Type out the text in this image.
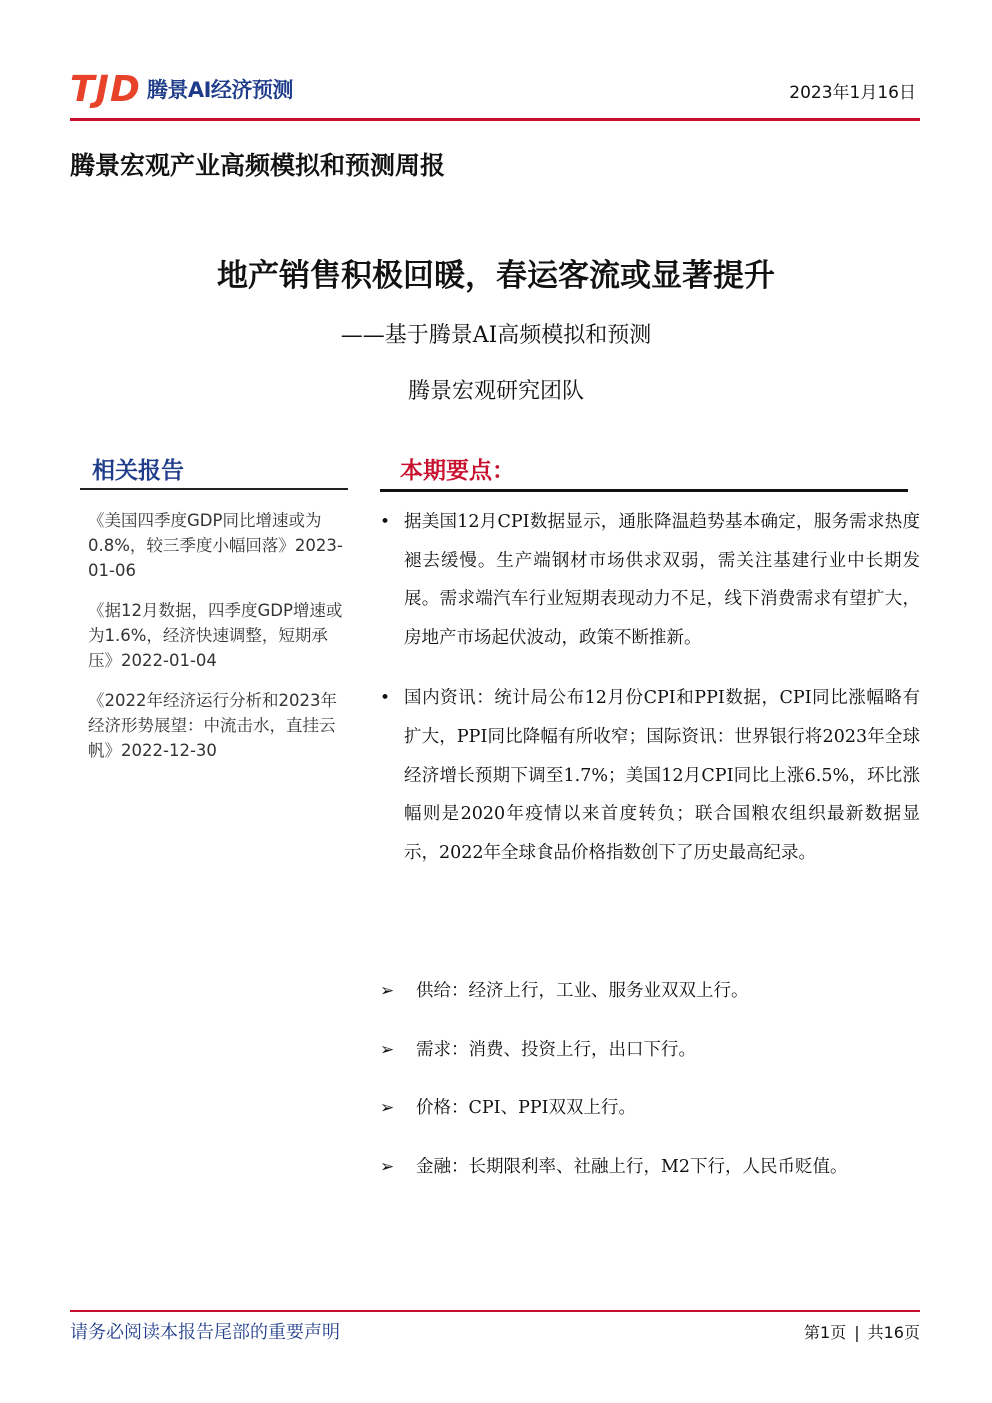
TJD 腾景AI经济预测	2023年1月16日
腾景宏观产业高频模拟和预测周报
地产销售积极回暖，春运客流或显著提升
——基于腾景AI高频模拟和预测
腾景宏观研究团队
相关报告
《美国四季度GDP同比增速或为0.8%，较三季度小幅回落》2023-01-06
《据12月数据，四季度GDP增速或为1.6%，经济快速调整，短期承压》2022-01-04
《2022年经济运行分析和2023年经济形势展望：中流击水，直挂云帆》2022-12-30
本期要点：
• 据美国12月CPI数据显示，通胀降温趋势基本确定，服务需求热度褪去缓慢。生产端钢材市场供求双弱，需关注基建行业中长期发展。需求端汽车行业短期表现动力不足，线下消费需求有望扩大，房地产市场起伏波动，政策不断推新。
• 国内资讯：统计局公布12月份CPI和PPI数据，CPI同比涨幅略有扩大，PPI同比降幅有所收窄；国际资讯：世界银行将2023年全球经济增长预期下调至1.7%；美国12月CPI同比上涨6.5%，环比涨幅则是2020年疫情以来首度转负；联合国粮农组织最新数据显示，2022年全球食品价格指数创下了历史最高纪录。
➢ 供给：经济上行，工业、服务业双双上行。
➢ 需求：消费、投资上行，出口下行。
➢ 价格：CPI、PPI双双上行。
➢ 金融：长期限利率、社融上行，M2下行，人民币贬值。
请务必阅读本报告尾部的重要声明	第1页 | 共16页
